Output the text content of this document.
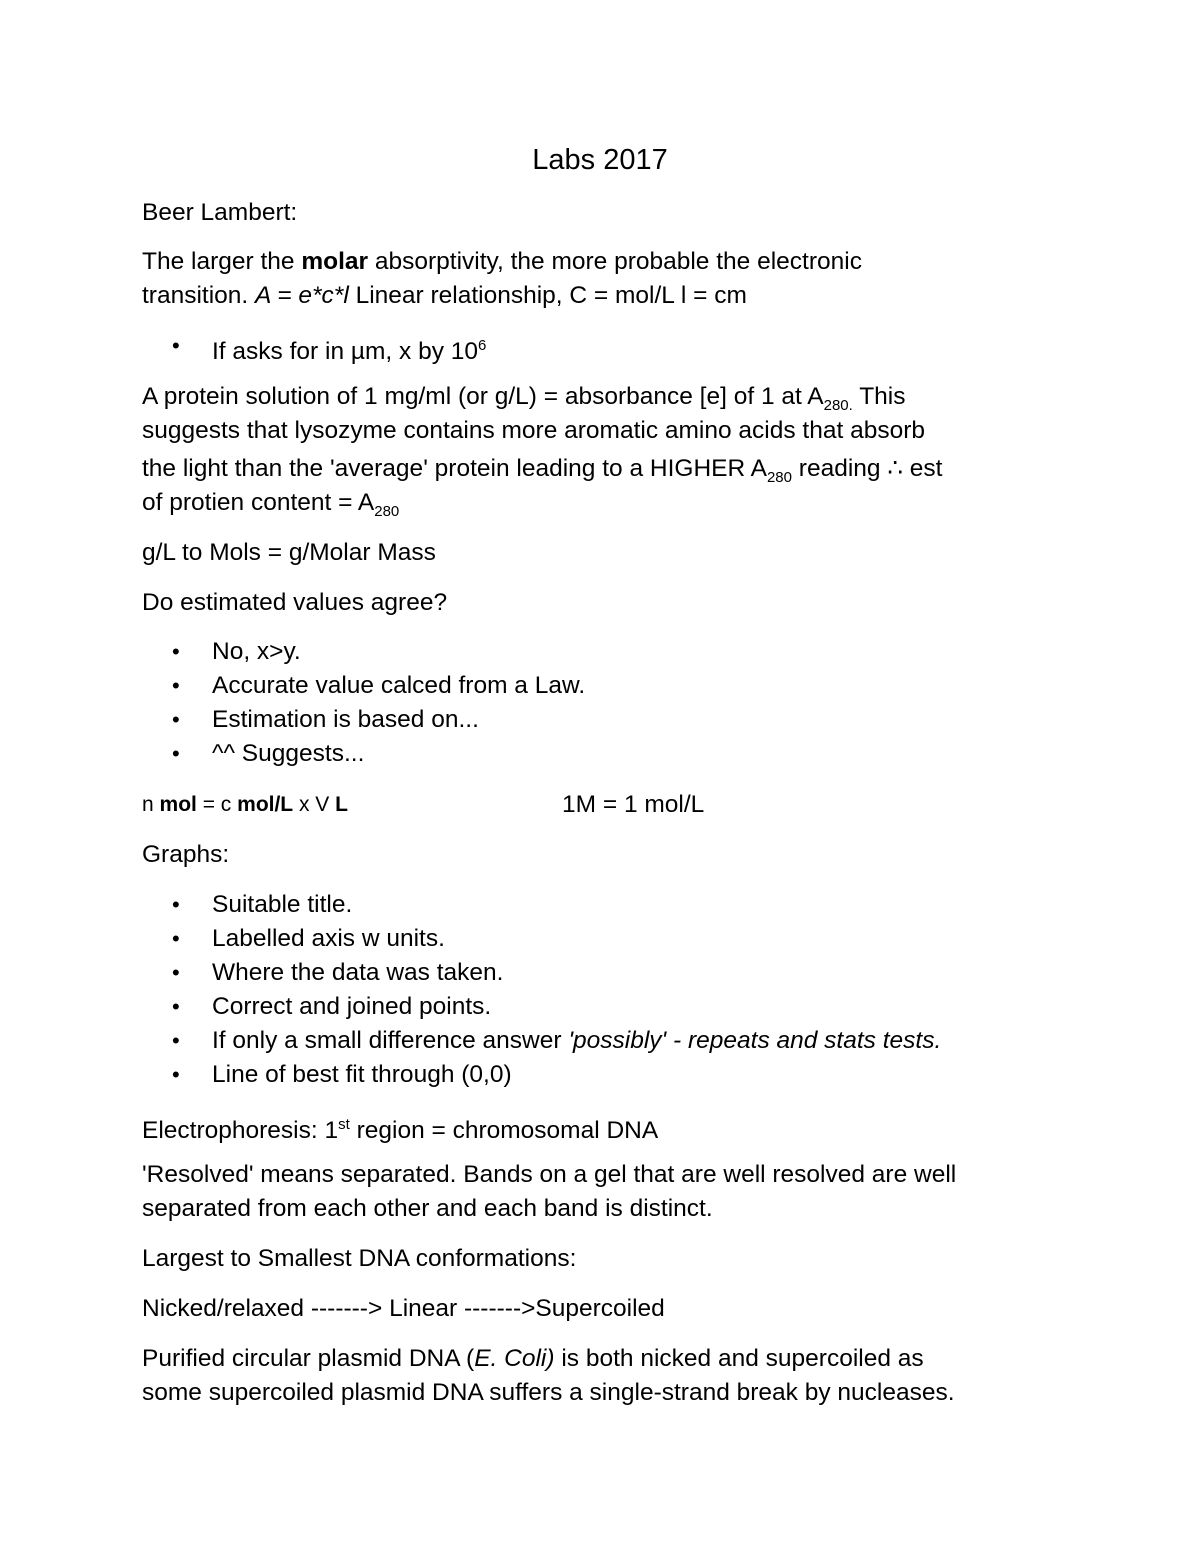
Labs 2017
Beer Lambert:
The larger the molar absorptivity, the more probable the electronic
transition. A = e*c*l Linear relationship, C = mol/L l = cm
• If asks for in µm, x by $10^6$
A protein solution of 1 mg/ml (or g/L) = absorbance [e] of 1 at $A_{280.}$ This
suggests that lysozyme contains more aromatic amino acids that absorb
the light than the 'average' protein leading to a HIGHER $A_{280}$ reading ∴ est
of protien content = $A_{280}$
g/L to Mols = g/Molar Mass
Do estimated values agree?
• No, x>y.
• Accurate value calced from a Law.
• Estimation is based on...
• ^^ Suggests...
n mol = c mol/L x V L	1M = 1 mol/L
Graphs:
• Suitable title.
• Labelled axis w units.
• Where the data was taken.
• Correct and joined points.
• If only a small difference answer 'possibly' - repeats and stats tests.
• Line of best fit through (0,0)
Electrophoresis: 1st region = chromosomal DNA
'Resolved' means separated. Bands on a gel that are well resolved are well
separated from each other and each band is distinct.
Largest to Smallest DNA conformations:
Nicked/relaxed -------> Linear ------->Supercoiled
Purified circular plasmid DNA (E. Coli) is both nicked and supercoiled as
some supercoiled plasmid DNA suffers a single-strand break by nucleases.
